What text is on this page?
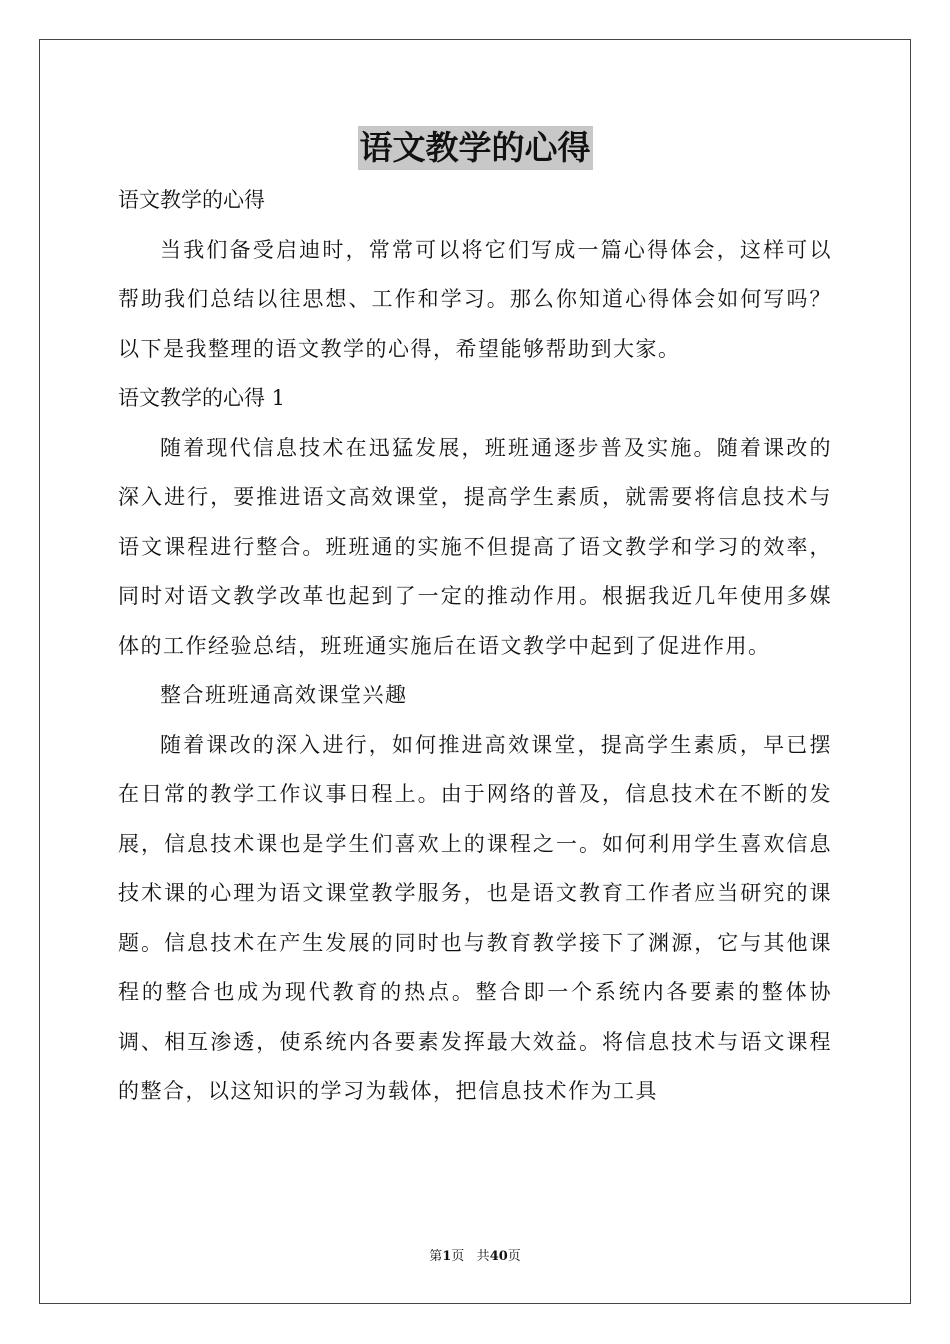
语文教学的心得

语文教学的心得

当我们备受启迪时，常常可以将它们写成一篇心得体会，这样可以帮助我们总结以往思想、工作和学习。那么你知道心得体会如何写吗？以下是我整理的语文教学的心得，希望能够帮助到大家。

语文教学的心得 1

随着现代信息技术在迅猛发展，班班通逐步普及实施。随着课改的深入进行，要推进语文高效课堂，提高学生素质，就需要将信息技术与语文课程进行整合。班班通的实施不但提高了语文教学和学习的效率，同时对语文教学改革也起到了一定的推动作用。根据我近几年使用多媒体的工作经验总结，班班通实施后在语文教学中起到了促进作用。

整合班班通高效课堂兴趣

随着课改的深入进行，如何推进高效课堂，提高学生素质，早已摆在日常的教学工作议事日程上。由于网络的普及，信息技术在不断的发展，信息技术课也是学生们喜欢上的课程之一。如何利用学生喜欢信息技术课的心理为语文课堂教学服务，也是语文教育工作者应当研究的课题。信息技术在产生发展的同时也与教育教学接下了渊源，它与其他课程的整合也成为现代教育的热点。整合即一个系统内各要素的整体协调、相互渗透，使系统内各要素发挥最大效益。将信息技术与语文课程的整合，以这知识的学习为载体，把信息技术作为工具

第1页 共40页
